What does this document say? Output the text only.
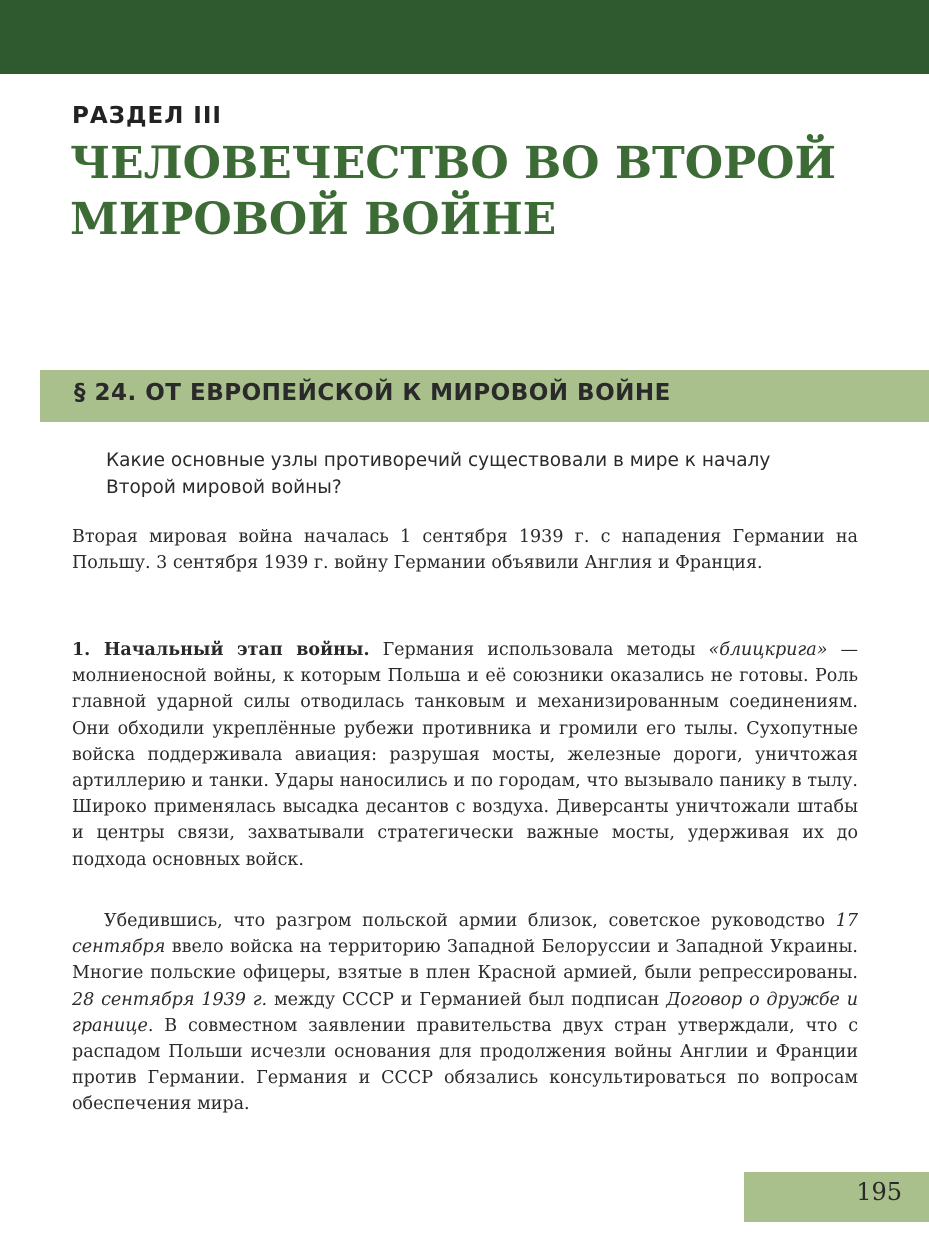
РАЗДЕЛ III
ЧЕЛОВЕЧЕСТВО ВО ВТОРОЙ МИРОВОЙ ВОЙНЕ
§ 24. ОТ ЕВРОПЕЙСКОЙ К МИРОВОЙ ВОЙНЕ
Какие основные узлы противоречий существовали в мире к началу Второй мировой войны?

Вторая мировая война началась 1 сентября 1939 г. с нападения Германии на Польшу. 3 сентября 1939 г. войну Германии объявили Англия и Франция.

1. Начальный этап войны. Германия использовала методы «блицкрига» — молниеносной войны, к которым Польша и её союзники оказались не готовы. Роль главной ударной силы отводилась танковым и механизированным соединениям. Они обходили укреплённые рубежи противника и громили его тылы. Сухопутные войска поддерживала авиация: разрушая мосты, железные дороги, уничтожая артиллерию и танки. Удары наносились и по городам, что вызывало панику в тылу. Широко применялась высадка десантов с воздуха. Диверсанты уничтожали штабы и центры связи, захватывали стратегически важные мосты, удерживая их до подхода основных войск.

Убедившись, что разгром польской армии близок, советское руководство 17 сентября ввело войска на территорию Западной Белоруссии и Западной Украины. Многие польские офицеры, взятые в плен Красной армией, были репрессированы. 28 сентября 1939 г. между СССР и Германией был подписан Договор о дружбе и границе. В совместном заявлении правительства двух стран утверждали, что с распадом Польши исчезли основания для продолжения войны Англии и Франции против Германии. Германия и СССР обязались консультироваться по вопросам обеспечения мира.

195
